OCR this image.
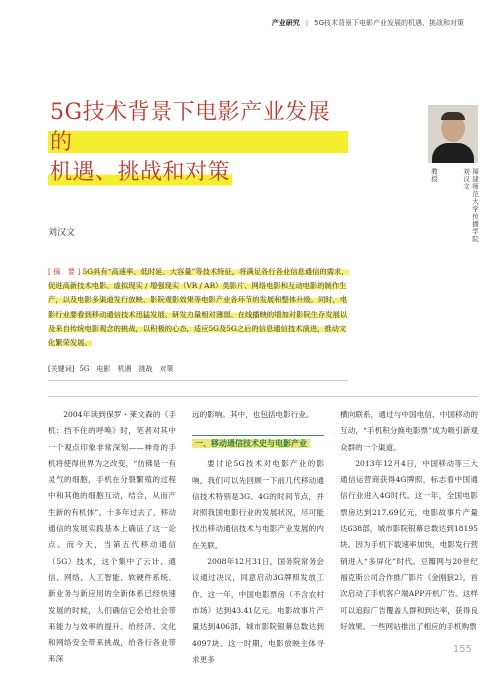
产业研究 | 5G技术背景下电影产业发展的机遇、挑战和对策
5G技术背景下电影产业发展的
机遇、挑战和对策	刘汉文 福建师范大学传播学院
教授
刘汉文
[ 摘　要 ] 5G具有“高速率、低时延、大容量”等技术特征，将满足各行各业信息通信的需求，促进高新技术电影、虚拟现实 / 增强现实（VR / AR）类影片、网络电影和互动电影的制作生产，以及电影多渠道发行放映、影院观影效果等电影产业各环节的发展和整体升级。同时，电影行业要看到移动通信技术迅猛发展、研发力量相对薄弱、在线播映的增加对影院生存发展以及来自传统电影观念的挑战，以积极的心态，适应5G及5G之后的信息通信技术演进，推动文化繁荣发展。
[关键词] 5G　电影　机遇　挑战　对策

2004年读到保罗・莱文森的《手机：挡不住的呼唤》时，笔者对其中一个观点印象非常深刻——神奇的手机将使得世界为之改变，“仿佛是一有灵气的细胞，手机在分裂繁殖的过程中和其他的细胞互动，结合，从而产生新的有机体”。十多年过去了，移动通信的发展实践基本上确证了这一论点。而今天，当第五代移动通信（5G）技术，这个集中了云计、通信、网络、人工智能、软硬件系统、新业务与新应用的全新体系已经快速发展的时候，人们确信它会给社会带来能力与效率的提升。给经济、文化和网络安全带来挑战，给各行各业带来深

远的影响。其中，也包括电影行业。

一、移动通信技术史与电影产业

要讨论5G技术对电影产业的影响，我们可以先回顾一下前几代移动通信技术特别是3G、4G的时间节点，并对照我国电影行业的发展状况，尽可能找出移动通信技术与电影产业发展的内在关联。

2008年12月31日，国务院常务会议通过决议，同意启动3G牌照发放工作。这一年，中国电影票房（不含农村市场）达到43.41亿元。电影故事片产量达到406部，城市影院银幕总数达到4097块。这一时期，电影放映主体寻求更多

横向联系，通过与中国电信、中国移动的互动，“手机积分换电影票”成为吸引新观众群的一个渠道。

2013年12月4日，中国移动等三大通信运营商获得4G牌照，标志着中国通信行业进入4G时代。这一年，全国电影票房达到217.69亿元，电影故事片产量达638部，城市影院银幕总数达到18195块。因为手机下载速率加快，电影发行营销进入“多屏化”时代。豆瓣网与20世纪福克斯公司合作推广影片《金刚狼2》，首次启动了手机客户端APP开机广告。这样可以追踪广告覆盖人群和到达率，获得良好效果。一些网站推出了相应的手机购票

155
